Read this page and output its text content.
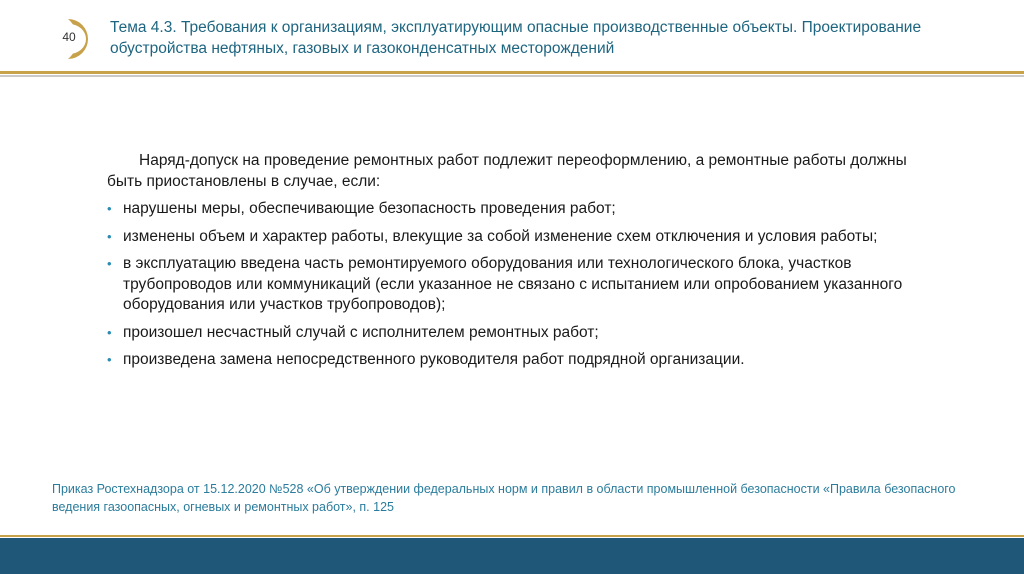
40
Тема 4.3. Требования к организациям, эксплуатирующим опасные производственные объекты. Проектирование обустройства нефтяных, газовых и газоконденсатных месторождений

Наряд-допуск на проведение ремонтных работ подлежит переоформлению, а ремонтные работы должны быть приостановлены в случае, если:

• нарушены меры, обеспечивающие безопасность проведения работ;
• изменены объем и характер работы, влекущие за собой изменение схем отключения и условия работы;
• в эксплуатацию введена часть ремонтируемого оборудования или технологического блока, участков трубопроводов или коммуникаций (если указанное не связано с испытанием или опробованием указанного оборудования или участков трубопроводов);
• произошел несчастный случай с исполнителем ремонтных работ;
• произведена замена непосредственного руководителя работ подрядной организации.
Приказ Ростехнадзора от 15.12.2020 №528 «Об утверждении федеральных норм и правил в области промышленной безопасности «Правила безопасного ведения газоопасных, огневых и ремонтных работ», п. 125
